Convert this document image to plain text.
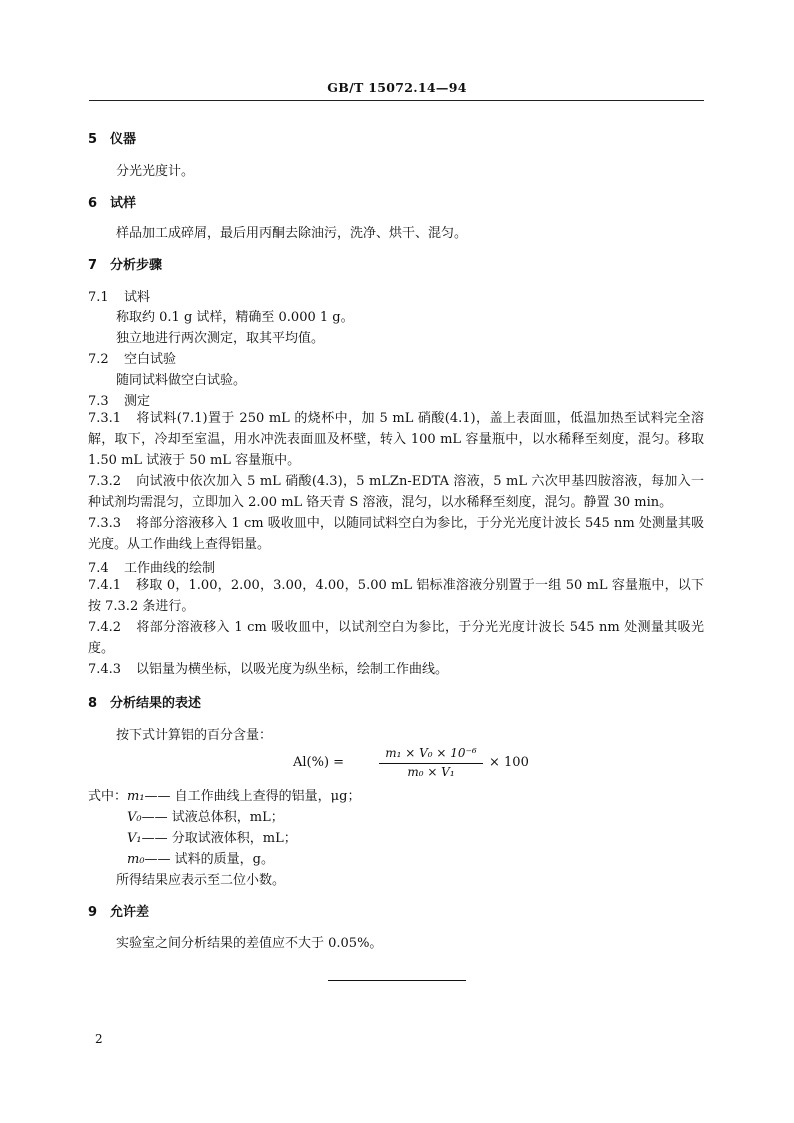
GB/T 15072.14—94
5 仪器
分光光度计。
6 试样
样品加工成碎屑，最后用丙酮去除油污，洗净、烘干、混匀。
7 分析步骤
7.1 试料
称取约 0.1 g 试样，精确至 0.000 1 g。
独立地进行两次测定，取其平均值。
7.2 空白试验
随同试料做空白试验。
7.3 测定
7.3.1 将试料(7.1)置于 250 mL 的烧杯中，加 5 mL 硝酸(4.1)，盖上表面皿，低温加热至试料完全溶解，取下，冷却至室温，用水冲洗表面皿及杯壁，转入 100 mL 容量瓶中，以水稀释至刻度，混匀。移取 1.50 mL 试液于 50 mL 容量瓶中。
7.3.2 向试液中依次加入 5 mL 硝酸(4.3)，5 mLZn-EDTA 溶液，5 mL 六次甲基四胺溶液，每加入一种试剂均需混匀，立即加入 2.00 mL 铬天青 S 溶液，混匀，以水稀释至刻度，混匀。静置 30 min。
7.3.3 将部分溶液移入 1 cm 吸收皿中，以随同试料空白为参比，于分光光度计波长 545 nm 处测量其吸光度。从工作曲线上查得铝量。
7.4 工作曲线的绘制
7.4.1 移取 0，1.00，2.00，3.00，4.00，5.00 mL 铝标准溶液分别置于一组 50 mL 容量瓶中，以下按 7.3.2 条进行。
7.4.2 将部分溶液移入 1 cm 吸收皿中，以试剂空白为参比，于分光光度计波长 545 nm 处测量其吸光度。
7.4.3 以铝量为横坐标，以吸光度为纵坐标，绘制工作曲线。
8 分析结果的表述
按下式计算铝的百分含量：
Al(%) =
m₁ × V₀ × 10⁻⁶
m₀ × V₁
× 100
式中： m₁—— 自工作曲线上查得的铝量，μg；
V₀—— 试液总体积，mL；
V₁—— 分取试液体积，mL；
m₀—— 试料的质量，g。
所得结果应表示至二位小数。
9 允许差
实验室之间分析结果的差值应不大于 0.05%。
2
